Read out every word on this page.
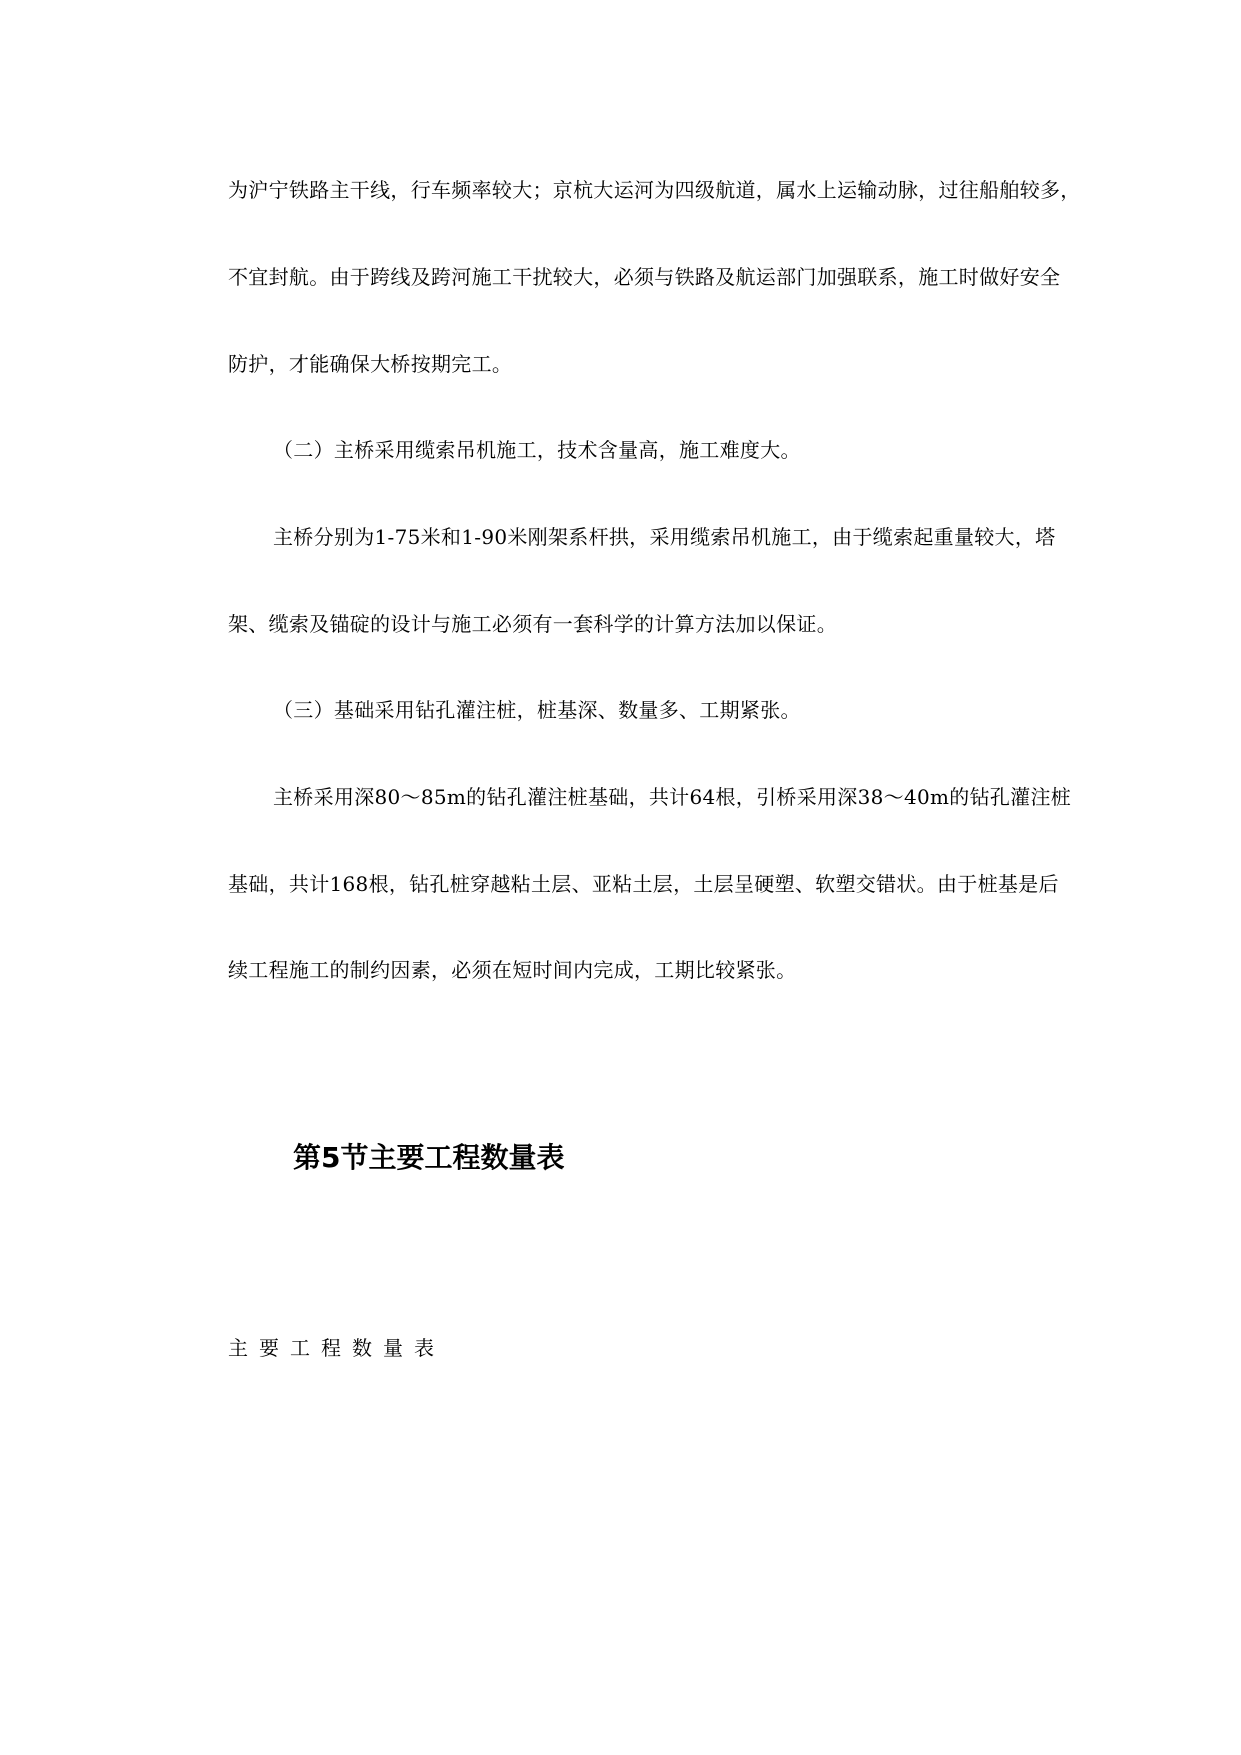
为沪宁铁路主干线，行车频率较大；京杭大运河为四级航道，属水上运输动脉，过往船舶较多，
不宜封航。由于跨线及跨河施工干扰较大，必须与铁路及航运部门加强联系，施工时做好安全
防护，才能确保大桥按期完工。
（二）主桥采用缆索吊机施工，技术含量高，施工难度大。
主桥分别为1-75米和1-90米刚架系杆拱，采用缆索吊机施工，由于缆索起重量较大，塔
架、缆索及锚碇的设计与施工必须有一套科学的计算方法加以保证。
（三）基础采用钻孔灌注桩，桩基深、数量多、工期紧张。
主桥采用深80～85m的钻孔灌注桩基础，共计64根，引桥采用深38～40m的钻孔灌注桩
基础，共计168根，钻孔桩穿越粘土层、亚粘土层，土层呈硬塑、软塑交错状。由于桩基是后
续工程施工的制约因素，必须在短时间内完成，工期比较紧张。
第5节主要工程数量表
主要工程数量表
